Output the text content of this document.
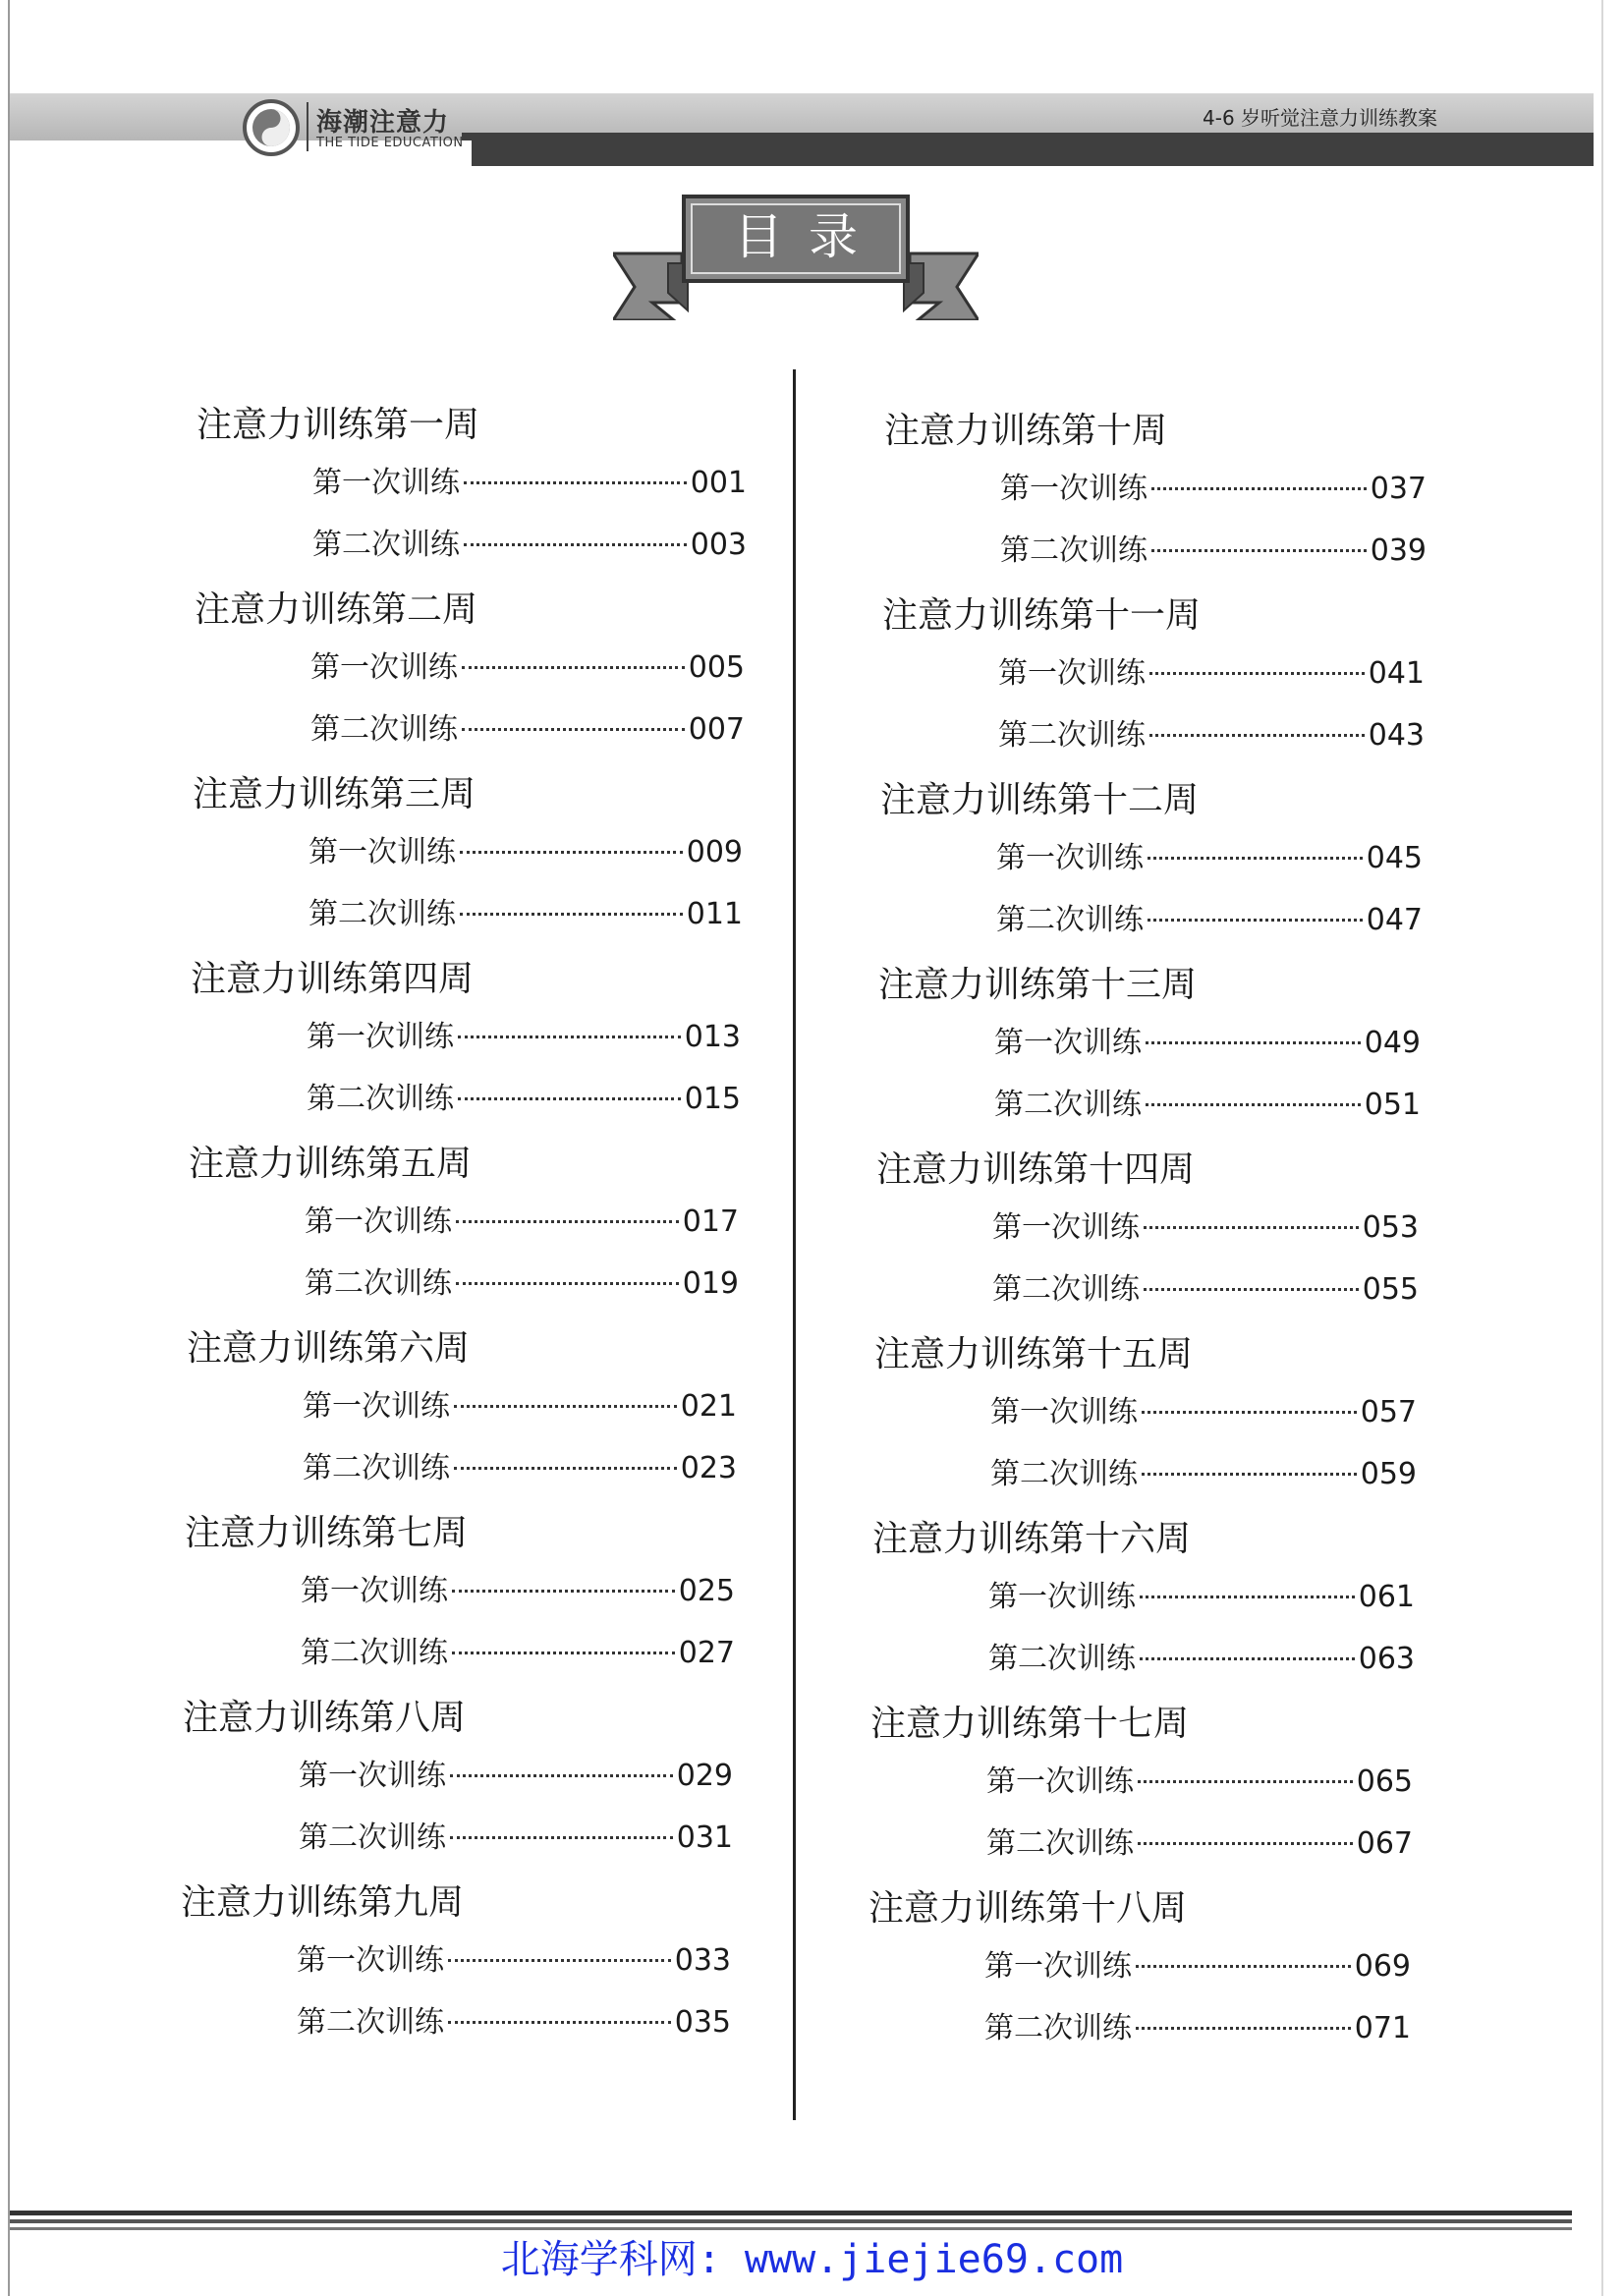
海潮注意力
THE TIDE EDUCATION
4-6 岁听觉注意力训练教案
目录
注意力训练第一周
第一次训练	001
第二次训练	003
注意力训练第二周
第一次训练	005
第二次训练	007
注意力训练第三周
第一次训练	009
第二次训练	011
注意力训练第四周
第一次训练	013
第二次训练	015
注意力训练第五周
第一次训练	017
第二次训练	019
注意力训练第六周
第一次训练	021
第二次训练	023
注意力训练第七周
第一次训练	025
第二次训练	027
注意力训练第八周
第一次训练	029
第二次训练	031
注意力训练第九周
第一次训练	033
第二次训练	035
注意力训练第十周
第一次训练	037
第二次训练	039
注意力训练第十一周
第一次训练	041
第二次训练	043
注意力训练第十二周
第一次训练	045
第二次训练	047
注意力训练第十三周
第一次训练	049
第二次训练	051
注意力训练第十四周
第一次训练	053
第二次训练	055
注意力训练第十五周
第一次训练	057
第二次训练	059
注意力训练第十六周
第一次训练	061
第二次训练	063
注意力训练第十七周
第一次训练	065
第二次训练	067
注意力训练第十八周
第一次训练	069
第二次训练	071
北海学科网: www.jiejie69.com
